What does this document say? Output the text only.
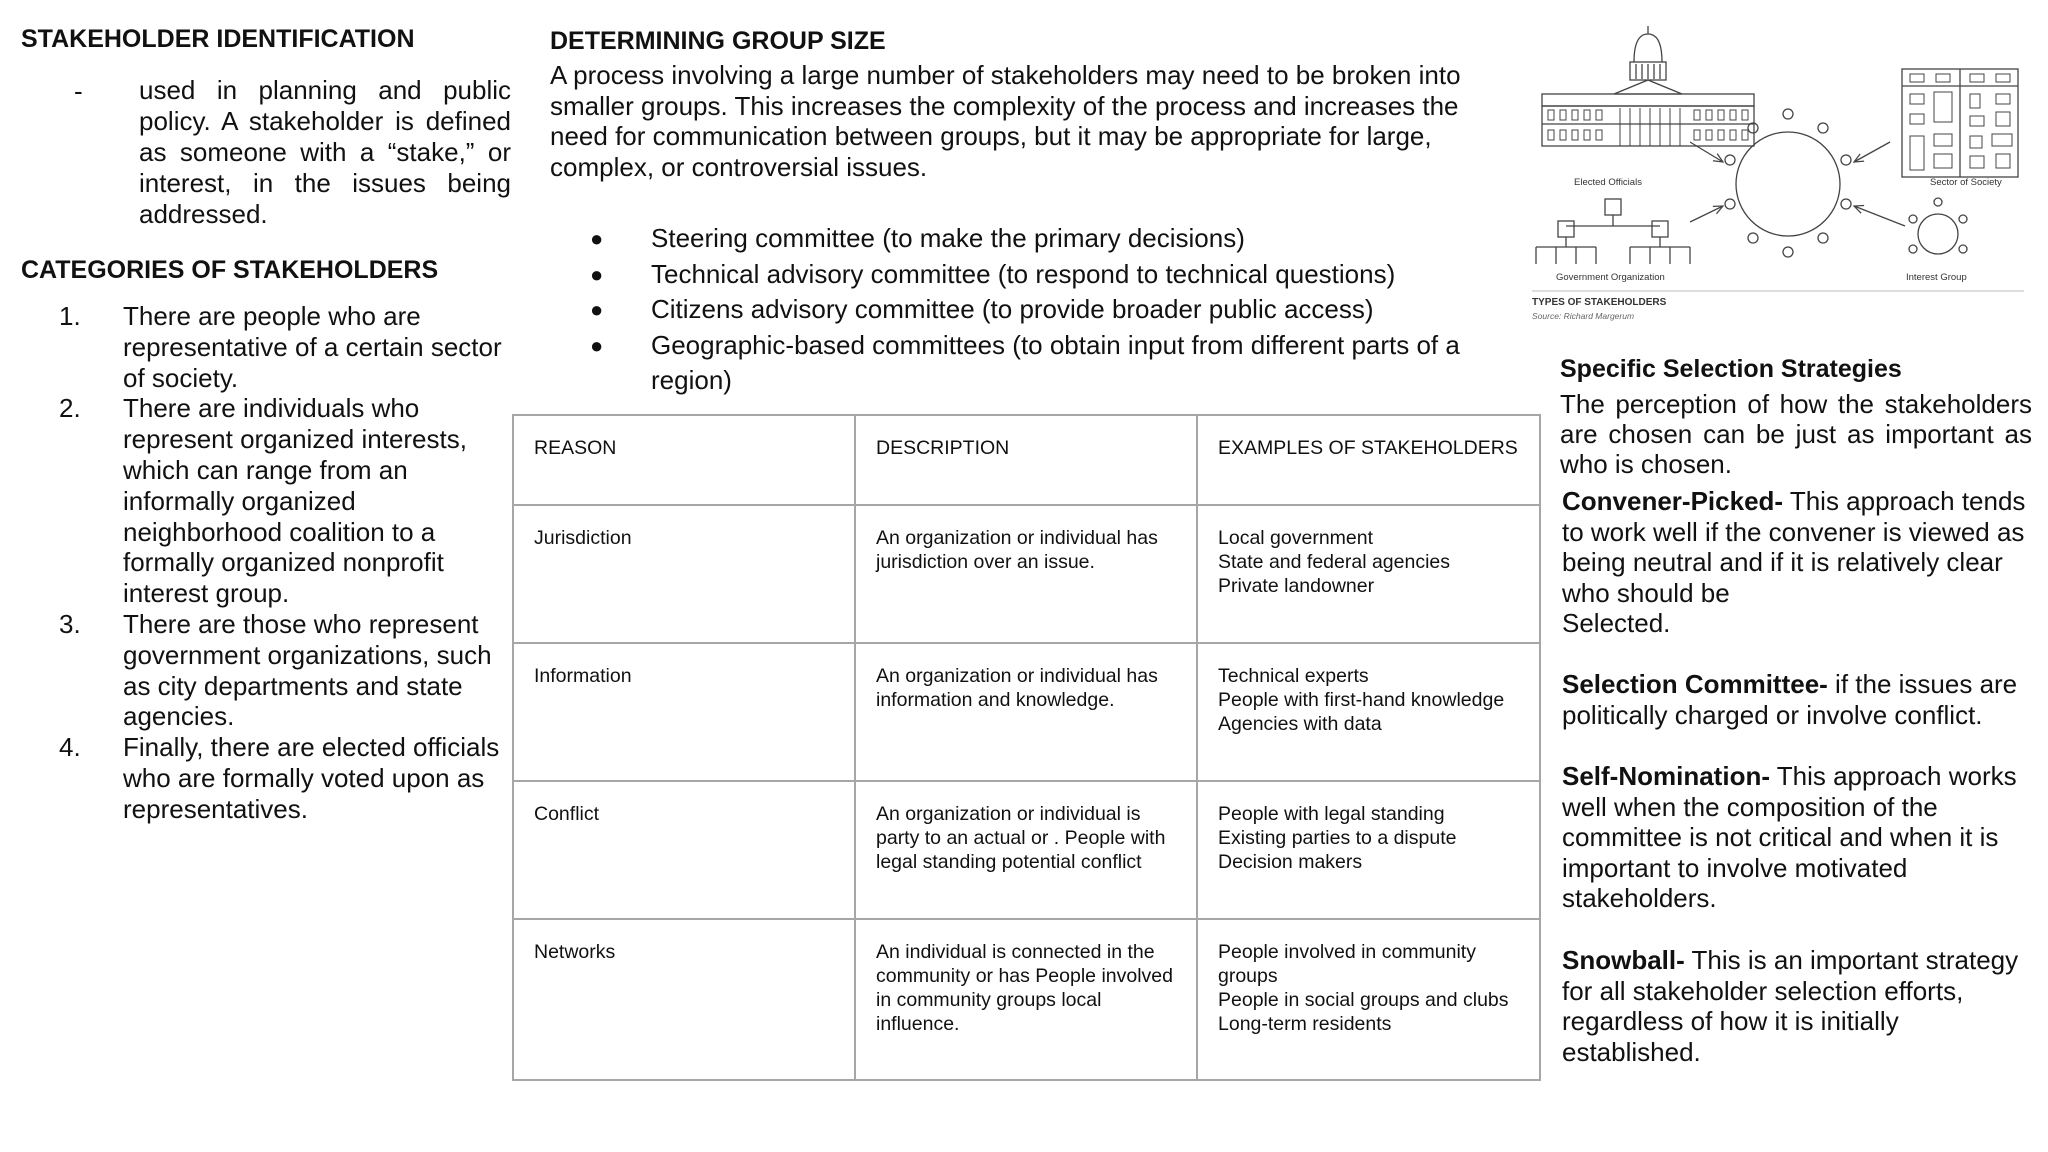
STAKEHOLDER IDENTIFICATION
- used in planning and public policy. A stakeholder is defined as someone with a “stake,” or interest, in the issues being addressed.
CATEGORIES OF STAKEHOLDERS
1. There are people who are representative of a certain sector of society.
2. There are individuals who represent organized interests, which can range from an informally organized neighborhood coalition to a formally organized nonprofit interest group.
3. There are those who represent government organizations, such as city departments and state agencies.
4. Finally, there are elected officials who are formally voted upon as representatives.
DETERMINING GROUP SIZE
A process involving a large number of stakeholders may need to be broken into smaller groups. This increases the complexity of the process and increases the need for communication between groups, but it may be appropriate for large, complex, or controversial issues.
● Steering committee (to make the primary decisions)
● Technical advisory committee (to respond to technical questions)
● Citizens advisory committee (to provide broader public access)
● Geographic-based committees (to obtain input from different parts of a region)
REASON	DESCRIPTION	EXAMPLES OF STAKEHOLDERS
Jurisdiction	An organization or individual has jurisdiction over an issue.	Local government
State and federal agencies
Private landowner

Information	An organization or individual has information and knowledge.	Technical experts
People with first-hand knowledge
Agencies with data

Conflict	An organization or individual is party to an actual or . People with legal standing potential conflict	People with legal standing
Existing parties to a dispute
Decision makers

Networks	An individual is connected in the community or has People involved in community groups local influence.	People involved in community groups
People in social groups and clubs
Long-term residents
Elected Officials	Sector of Society
Government Organization	Interest Group
TYPES OF STAKEHOLDERS
Source: Richard Margerum
Specific Selection Strategies
The perception of how the stakeholders are chosen can be just as important as who is chosen.
Convener-Picked- This approach tends to work well if the convener is viewed as being neutral and if it is relatively clear who should be
Selected.
Selection Committee- if the issues are politically charged or involve conflict.
Self-Nomination- This approach works well when the composition of the committee is not critical and when it is important to involve motivated stakeholders.
Snowball- This is an important strategy for all stakeholder selection efforts, regardless of how it is initially established.
